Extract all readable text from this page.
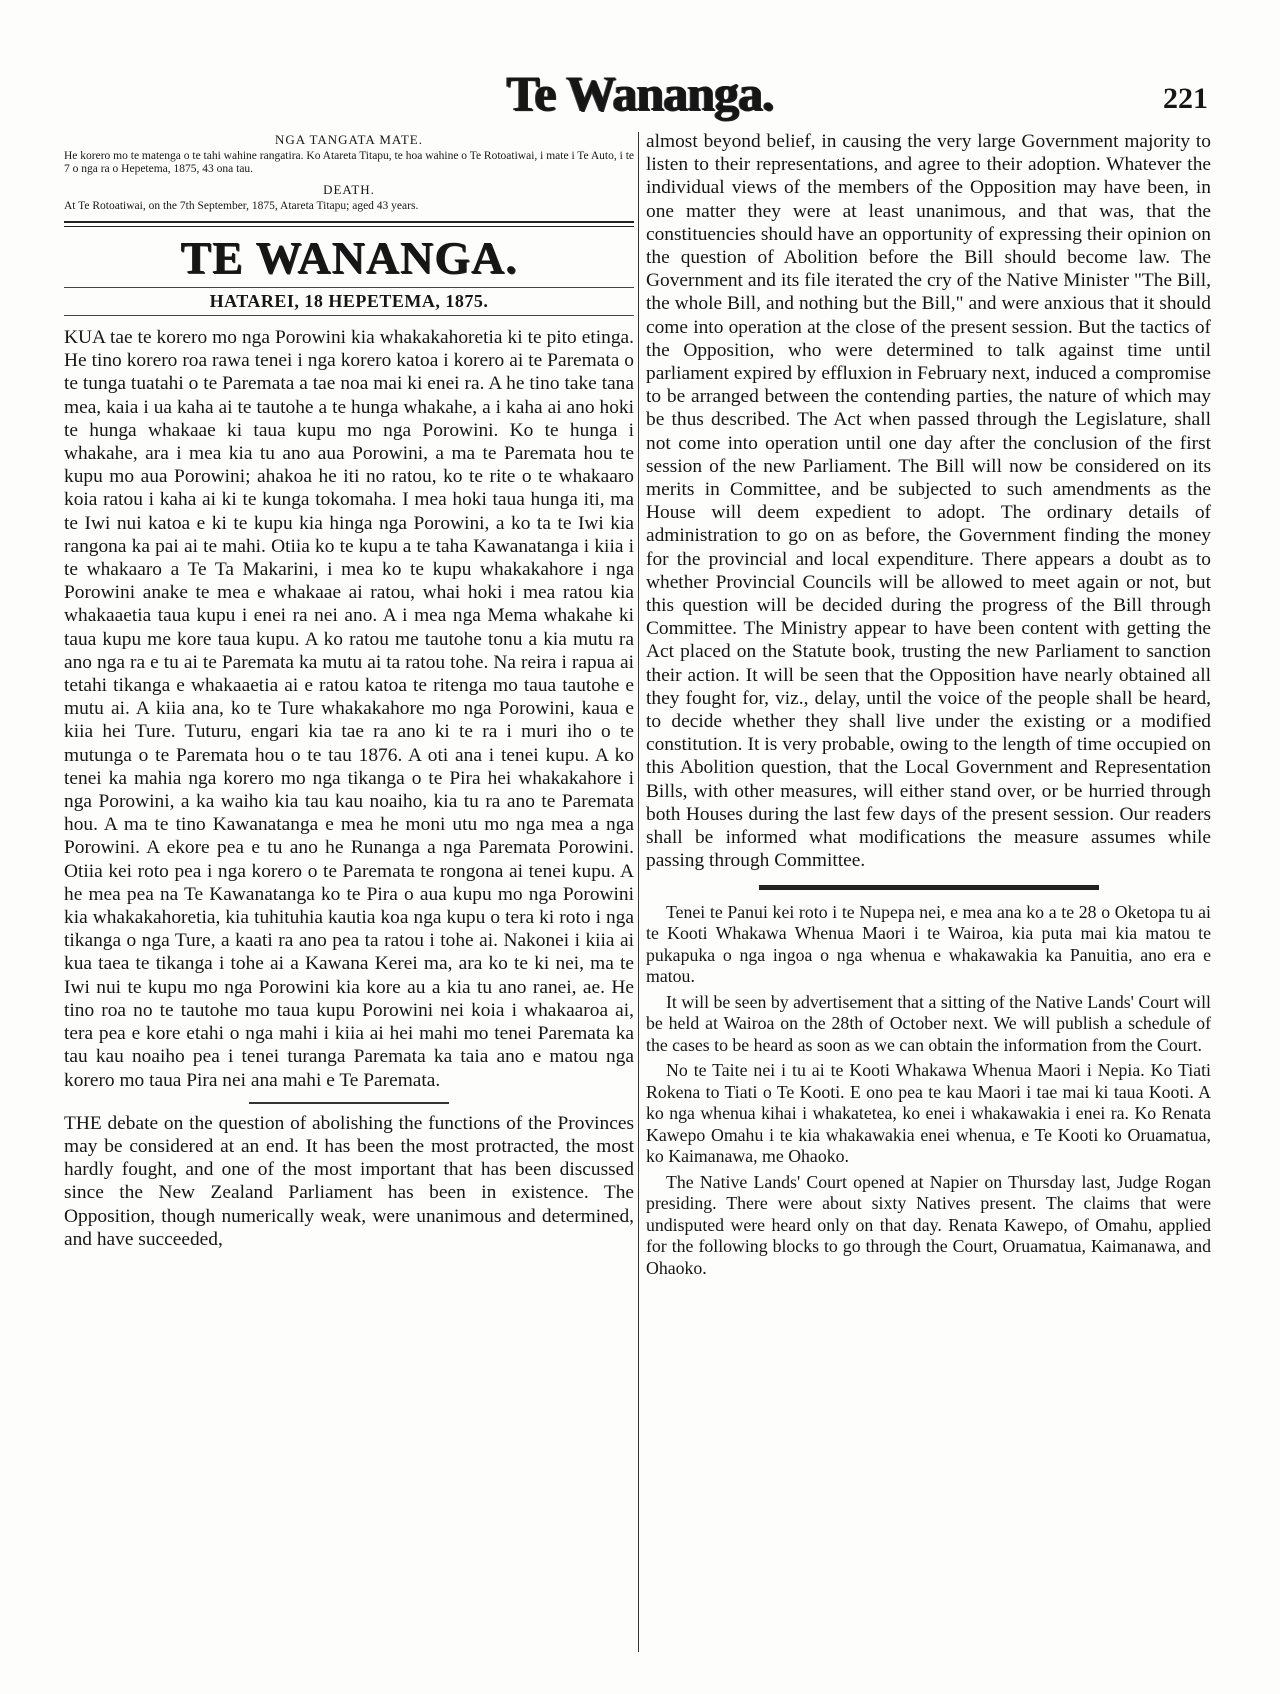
Te Wananga.	221
NGA TANGATA MATE.

He korero mo te matenga o te tahi wahine rangatira. Ko Atareta Titapu, te hoa wahine o Te Rotoatiwai, i mate i Te Auto, i te 7 o nga ra o Hepetema, 1875, 43 ona tau.

DEATH.

At Te Rotoatiwai, on the 7th September, 1875, Atareta Titapu; aged 43 years.

TE WANANGA.
HATAREI, 18 HEPETEMA, 1875.

KUA tae te korero mo nga Porowini kia whakakahoretia ki te pito etinga. He tino korero roa rawa tenei i nga korero katoa i korero ai te Paremata o te tunga tuatahi o te Paremata a tae noa mai ki enei ra. A he tino take tana mea, kaia i ua kaha ai te tautohe a te hunga whakahe, a i kaha ai ano hoki te hunga whakaae ki taua kupu mo nga Porowini. Ko te hunga i whakahe, ara i mea kia tu ano aua Porowini, a ma te Paremata hou te kupu mo aua Porowini; ahakoa he iti no ratou, ko te rite o te whakaaro koia ratou i kaha ai ki te kunga tokomaha. I mea hoki taua hunga iti, ma te Iwi nui katoa e ki te kupu kia hinga nga Porowini, a ko ta te Iwi kia rangona ka pai ai te mahi. Otiia ko te kupu a te taha Kawanatanga i kiia i te whakaaro a Te Ta Makarini, i mea ko te kupu whakakahore i nga Porowini anake te mea e whakaae ai ratou, whai hoki i mea ratou kia whakaaetia taua kupu i enei ra nei ano. A i mea nga Mema whakahe ki taua kupu me kore taua kupu. A ko ratou me tautohe tonu a kia mutu ra ano nga ra e tu ai te Paremata ka mutu ai ta ratou tohe. Na reira i rapua ai tetahi tikanga e whakaaetia ai e ratou katoa te ritenga mo taua tautohe e mutu ai. A kiia ana, ko te Ture whakakahore mo nga Porowini, kaua e kiia hei Ture. Tuturu, engari kia tae ra ano ki te ra i muri iho o te mutunga o te Paremata hou o te tau 1876. A oti ana i tenei kupu. A ko tenei ka mahia nga korero mo nga tikanga o te Pira hei whakakahore i nga Porowini, a ka waiho kia tau kau noaiho, kia tu ra ano te Paremata hou. A ma te tino Kawanatanga e mea he moni utu mo nga mea a nga Porowini. A ekore pea e tu ano he Runanga a nga Paremata Porowini. Otiia kei roto pea i nga korero o te Paremata te rongona ai tenei kupu. A he mea pea na Te Kawanatanga ko te Pira o aua kupu mo nga Porowini kia whakakahoretia, kia tuhituhia kautia koa nga kupu o tera ki roto i nga tikanga o nga Ture, a kaati ra ano pea ta ratou i tohe ai. Nakonei i kiia ai kua taea te tikanga i tohe ai a Kawana Kerei ma, ara ko te ki nei, ma te Iwi nui te kupu mo nga Porowini kia kore au a kia tu ano ranei, ae. He tino roa no te tautohe mo taua kupu Porowini nei koia i whakaaroa ai, tera pea e kore etahi o nga mahi i kiia ai hei mahi mo tenei Paremata ka tau kau noaiho pea i tenei turanga Paremata ka taia ano e matou nga korero mo taua Pira nei ana mahi e Te Paremata.

THE debate on the question of abolishing the functions of the Provinces may be considered at an end. It has been the most protracted, the most hardly fought, and one of the most important that has been discussed since the New Zealand Parliament has been in existence. The Opposition, though numerically weak, were unanimous and determined, and have succeeded,

almost beyond belief, in causing the very large Government majority to listen to their representations, and agree to their adoption. Whatever the individual views of the members of the Opposition may have been, in one matter they were at least unanimous, and that was, that the constituencies should have an opportunity of expressing their opinion on the question of Abolition before the Bill should become law. The Government and its file iterated the cry of the Native Minister "The Bill, the whole Bill, and nothing but the Bill," and were anxious that it should come into operation at the close of the present session. But the tactics of the Opposition, who were determined to talk against time until parliament expired by effluxion in February next, induced a compromise to be arranged between the contending parties, the nature of which may be thus described. The Act when passed through the Legislature, shall not come into operation until one day after the conclusion of the first session of the new Parliament. The Bill will now be considered on its merits in Committee, and be subjected to such amendments as the House will deem expedient to adopt. The ordinary details of administration to go on as before, the Government finding the money for the provincial and local expenditure. There appears a doubt as to whether Provincial Councils will be allowed to meet again or not, but this question will be decided during the progress of the Bill through Committee. The Ministry appear to have been content with getting the Act placed on the Statute book, trusting the new Parliament to sanction their action. It will be seen that the Opposition have nearly obtained all they fought for, viz., delay, until the voice of the people shall be heard, to decide whether they shall live under the existing or a modified constitution. It is very probable, owing to the length of time occupied on this Abolition question, that the Local Government and Representation Bills, with other measures, will either stand over, or be hurried through both Houses during the last few days of the present session. Our readers shall be informed what modifications the measure assumes while passing through Committee.

Tenei te Panui kei roto i te Nupepa nei, e mea ana ko a te 28 o Oketopa tu ai te Kooti Whakawa Whenua Maori i te Wairoa, kia puta mai kia matou te pukapuka o nga ingoa o nga whenua e whakawakia ka Panuitia, ano era e matou.

It will be seen by advertisement that a sitting of the Native Lands' Court will be held at Wairoa on the 28th of October next. We will publish a schedule of the cases to be heard as soon as we can obtain the information from the Court.

No te Taite nei i tu ai te Kooti Whakawa Whenua Maori i Nepia. Ko Tiati Rokena to Tiati o Te Kooti. E ono pea te kau Maori i tae mai ki taua Kooti. A ko nga whenua kihai i whakatetea, ko enei i whakawakia i enei ra. Ko Renata Kawepo Omahu i te kia whakawakia enei whenua, e Te Kooti ko Oruamatua, ko Kaimanawa, me Ohaoko.

The Native Lands' Court opened at Napier on Thursday last, Judge Rogan presiding. There were about sixty Natives present. The claims that were undisputed were heard only on that day. Renata Kawepo, of Omahu, applied for the following blocks to go through the Court, Oruamatua, Kaimanawa, and Ohaoko.
